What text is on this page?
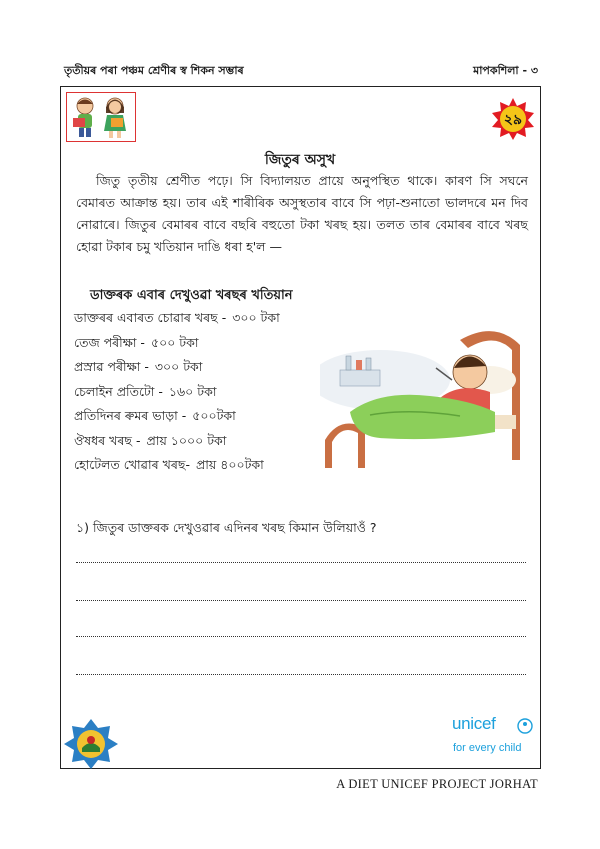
তৃতীয়ৰ পৰা পঞ্চম শ্ৰেণীৰ স্ব শিকন সম্ভাৰ	মাপকশিলা - ৩
২৯
জিতুৰ অসুখ

জিতু তৃতীয় শ্ৰেণীত পঢ়ে। সি বিদ্যালয়ত প্ৰায়ে অনুপস্থিত থাকে। কাৰণ সি সঘনে বেমাৰত আক্ৰান্ত হয়। তাৰ এই শাৰীৰিক অসুস্থতাৰ বাবে সি পঢ়া-শুনাতো ভালদৰে মন দিব নোৱাৰে। জিতুৰ বেমাৰৰ বাবে বছৰি বহুতো টকা খৰছ হয়। তলত তাৰ বেমাৰৰ বাবে খৰছ হোৱা টকাৰ চমু খতিয়ান দাঙি ধৰা হ'ল —

ডাক্তৰক এবাৰ দেখুওৱা খৰছৰ খতিয়ান
ডাক্তৰৰ এবাৰত চোৱাৰ খৰছ - ৩০০ টকা
তেজ পৰীক্ষা - ৫০০ টকা
প্ৰস্ৰাৱ পৰীক্ষা - ৩০০ টকা
চেলাইন প্ৰতিটো - ১৬০ টকা
প্ৰতিদিনৰ ৰুমৰ ভাড়া - ৫০০টকা
ঔষধৰ খৰছ - প্ৰায় ১০০০ টকা
হোটেলত খোৱাৰ খৰছ- প্ৰায় ৪০০টকা
১) জিতুৰ ডাক্তৰক দেখুওৱাৰ এদিনৰ খৰছ কিমান উলিয়াওঁ ?
unicef
for every child
A DIET UNICEF PROJECT JORHAT
